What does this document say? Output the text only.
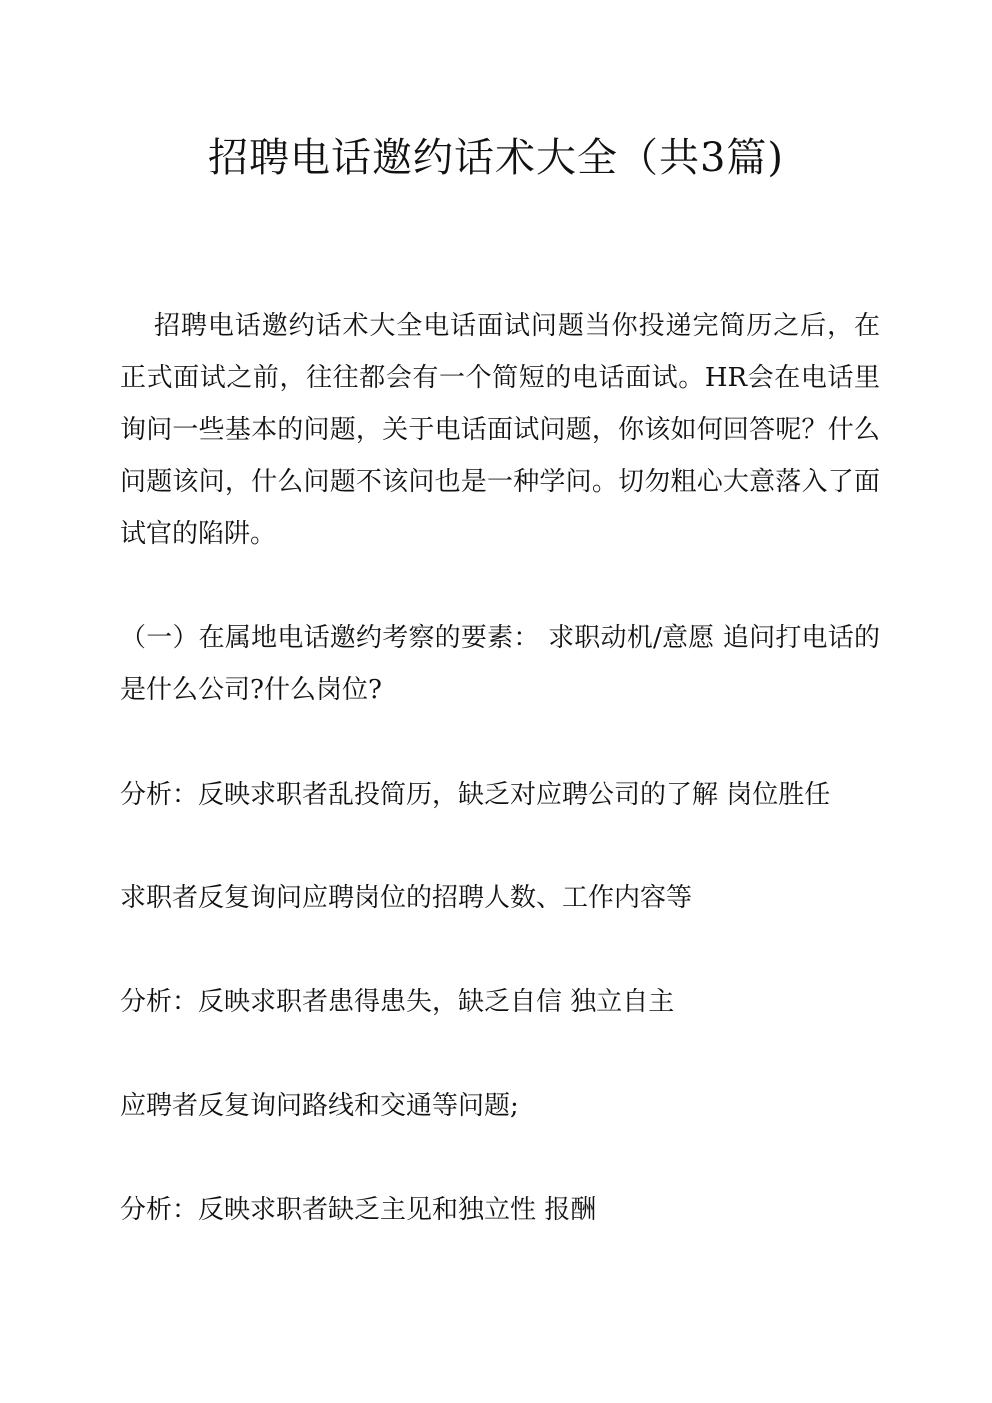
招聘电话邀约话术大全（共3篇)
招聘电话邀约话术大全电话面试问题当你投递完简历之后，在正式面试之前，往往都会有一个简短的电话面试。HR会在电话里询问一些基本的问题，关于电话面试问题，你该如何回答呢？什么问题该问，什么问题不该问也是一种学问。切勿粗心大意落入了面试官的陷阱。
（一）在属地电话邀约考察的要素： 求职动机/意愿 追问打电话的是什么公司?什么岗位?
分析：反映求职者乱投简历，缺乏对应聘公司的了解 岗位胜任
求职者反复询问应聘岗位的招聘人数、工作内容等
分析：反映求职者患得患失，缺乏自信 独立自主
应聘者反复询问路线和交通等问题;
分析：反映求职者缺乏主见和独立性 报酬
